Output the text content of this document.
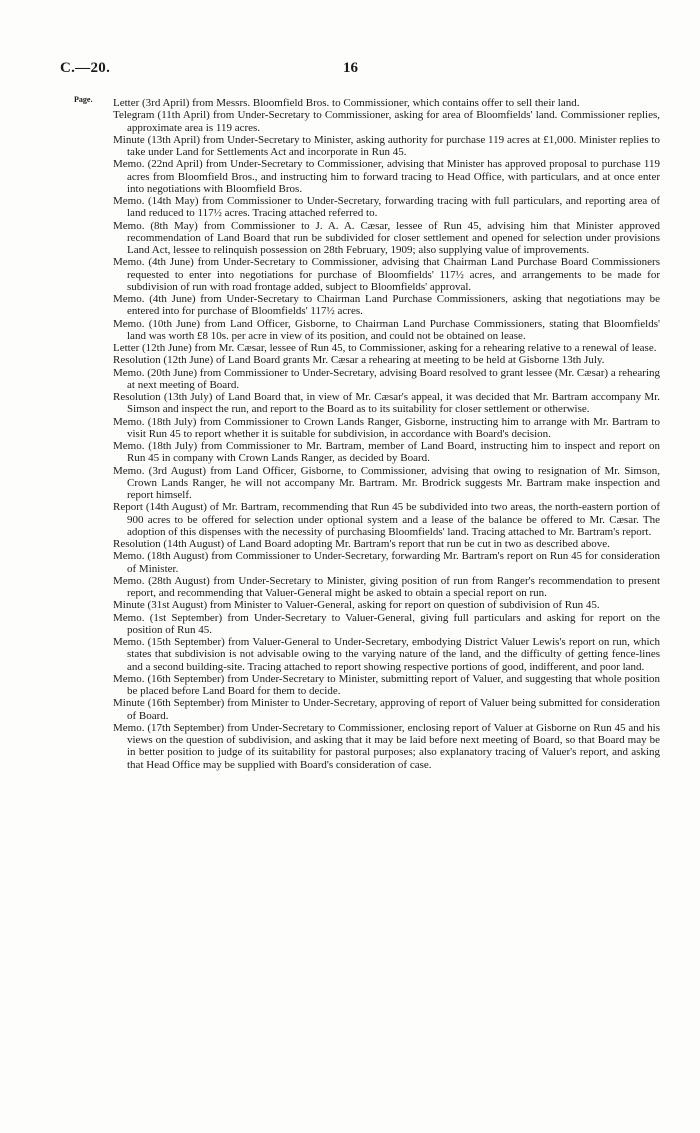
C.—20.	16
Page. Letter (3rd April) from Messrs. Bloomfield Bros. to Commissioner, which contains offer to sell their land.
Telegram (11th April) from Under-Secretary to Commissioner, asking for area of Bloomfields' land. Commissioner replies, approximate area is 119 acres.
Minute (13th April) from Under-Secretary to Minister, asking authority for purchase 119 acres at £1,000. Minister replies to take under Land for Settlements Act and incorporate in Run 45.
Memo. (22nd April) from Under-Secretary to Commissioner, advising that Minister has approved proposal to purchase 119 acres from Bloomfield Bros., and instructing him to forward tracing to Head Office, with particulars, and at once enter into negotiations with Bloomfield Bros.
Memo. (14th May) from Commissioner to Under-Secretary, forwarding tracing with full particulars, and reporting area of land reduced to 117½ acres. Tracing attached referred to.
Memo. (8th May) from Commissioner to J. A. A. Cæsar, lessee of Run 45, advising him that Minister approved recommendation of Land Board that run be subdivided for closer settlement and opened for selection under provisions Land Act, lessee to relinquish possession on 28th February, 1909; also supplying value of improvements.
Memo. (4th June) from Under-Secretary to Commissioner, advising that Chairman Land Purchase Board Commissioners requested to enter into negotiations for purchase of Bloomfields' 117½ acres, and arrangements to be made for subdivision of run with road frontage added, subject to Bloomfields' approval.
Memo. (4th June) from Under-Secretary to Chairman Land Purchase Commissioners, asking that negotiations may be entered into for purchase of Bloomfields' 117½ acres.
Memo. (10th June) from Land Officer, Gisborne, to Chairman Land Purchase Commissioners, stating that Bloomfields' land was worth £8 10s. per acre in view of its position, and could not be obtained on lease.
Letter (12th June) from Mr. Cæsar, lessee of Run 45, to Commissioner, asking for a rehearing relative to a renewal of lease.
Resolution (12th June) of Land Board grants Mr. Cæsar a rehearing at meeting to be held at Gisborne 13th July.
Memo. (20th June) from Commissioner to Under-Secretary, advising Board resolved to grant lessee (Mr. Cæsar) a rehearing at next meeting of Board.
Resolution (13th July) of Land Board that, in view of Mr. Cæsar's appeal, it was decided that Mr. Bartram accompany Mr. Simson and inspect the run, and report to the Board as to its suitability for closer settlement or otherwise.
Memo. (18th July) from Commissioner to Crown Lands Ranger, Gisborne, instructing him to arrange with Mr. Bartram to visit Run 45 to report whether it is suitable for subdivision, in accordance with Board's decision.
Memo. (18th July) from Commissioner to Mr. Bartram, member of Land Board, instructing him to inspect and report on Run 45 in company with Crown Lands Ranger, as decided by Board.
Memo. (3rd August) from Land Officer, Gisborne, to Commissioner, advising that owing to resignation of Mr. Simson, Crown Lands Ranger, he will not accompany Mr. Bartram. Mr. Brodrick suggests Mr. Bartram make inspection and report himself.
Report (14th August) of Mr. Bartram, recommending that Run 45 be subdivided into two areas, the north-eastern portion of 900 acres to be offered for selection under optional system and a lease of the balance be offered to Mr. Cæsar. The adoption of this dispenses with the necessity of purchasing Bloomfields' land. Tracing attached to Mr. Bartram's report.
Resolution (14th August) of Land Board adopting Mr. Bartram's report that run be cut in two as described above.
Memo. (18th August) from Commissioner to Under-Secretary, forwarding Mr. Bartram's report on Run 45 for consideration of Minister.
Memo. (28th August) from Under-Secretary to Minister, giving position of run from Ranger's recommendation to present report, and recommending that Valuer-General might be asked to obtain a special report on run.
Minute (31st August) from Minister to Valuer-General, asking for report on question of subdivision of Run 45.
Memo. (1st September) from Under-Secretary to Valuer-General, giving full particulars and asking for report on the position of Run 45.
Memo. (15th September) from Valuer-General to Under-Secretary, embodying District Valuer Lewis's report on run, which states that subdivision is not advisable owing to the varying nature of the land, and the difficulty of getting fence-lines and a second building-site. Tracing attached to report showing respective portions of good, indifferent, and poor land.
Memo. (16th September) from Under-Secretary to Minister, submitting report of Valuer, and suggesting that whole position be placed before Land Board for them to decide.
Minute (16th September) from Minister to Under-Secretary, approving of report of Valuer being submitted for consideration of Board.
Memo. (17th September) from Under-Secretary to Commissioner, enclosing report of Valuer at Gisborne on Run 45 and his views on the question of subdivision, and asking that it may be laid before next meeting of Board, so that Board may be in better position to judge of its suitability for pastoral purposes; also explanatory tracing of Valuer's report, and asking that Head Office may be supplied with Board's consideration of case.
